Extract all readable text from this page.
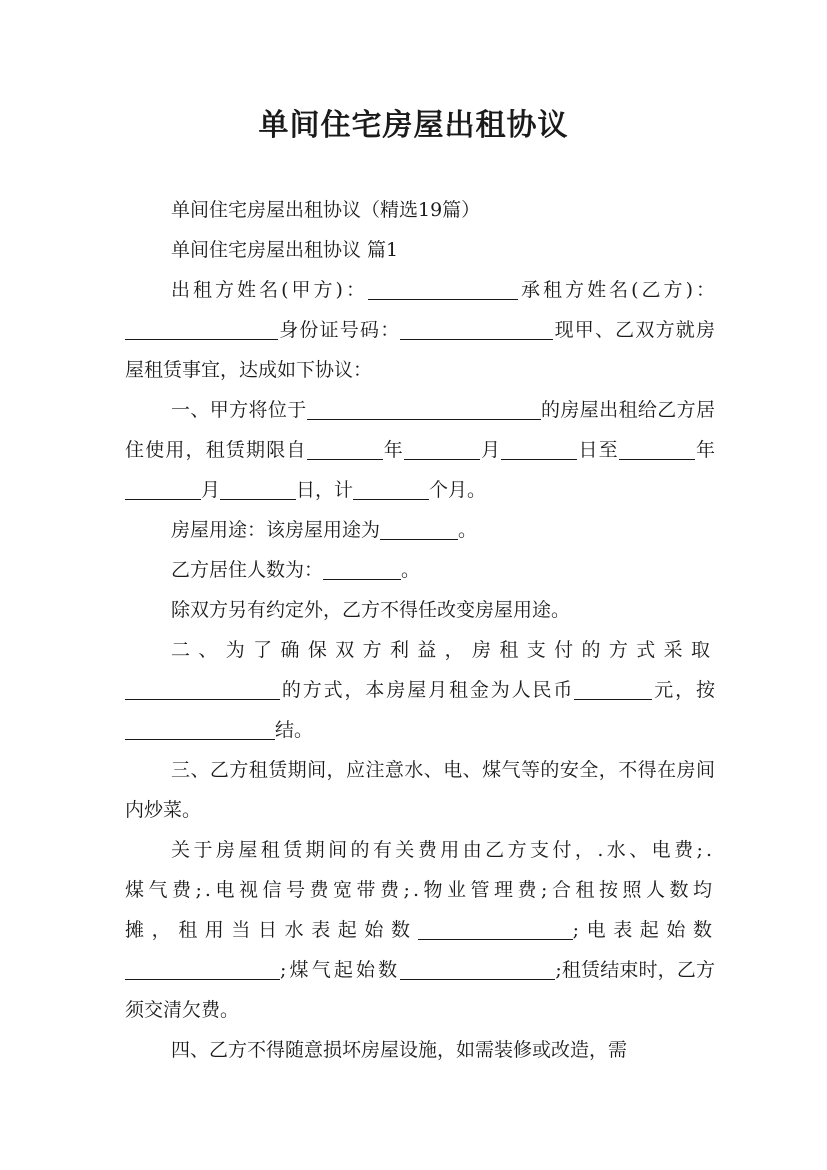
单间住宅房屋出租协议

单间住宅房屋出租协议（精选19篇）

单间住宅房屋出租协议 篇1

出租方姓名(甲方)：	承租方姓名(乙方)：身份证号码：	现甲、乙双方就房屋租赁事宜，达成如下协议：

一、甲方将位于	的房屋出租给乙方居住使用，租赁期限自	年	月	日至	年月	日，计	个月。

房屋用途：该房屋用途为	。

乙方居住人数为：	。

除双方另有约定外，乙方不得任改变房屋用途。

二、为了确保双方利益，房租支付的方式采取的方式，本房屋月租金为人民币	元，按结。

三、乙方租赁期间，应注意水、电、煤气等的安全，不得在房间内炒菜。

关于房屋租赁期间的有关费用由乙方支付，.水、电费;.煤气费;.电视信号费宽带费;.物业管理费;合租按照人数均摊，租用当日水表起始数	;电表起始数;煤气起始数	;租赁结束时，乙方须交清欠费。

四、乙方不得随意损坏房屋设施，如需装修或改造，需
